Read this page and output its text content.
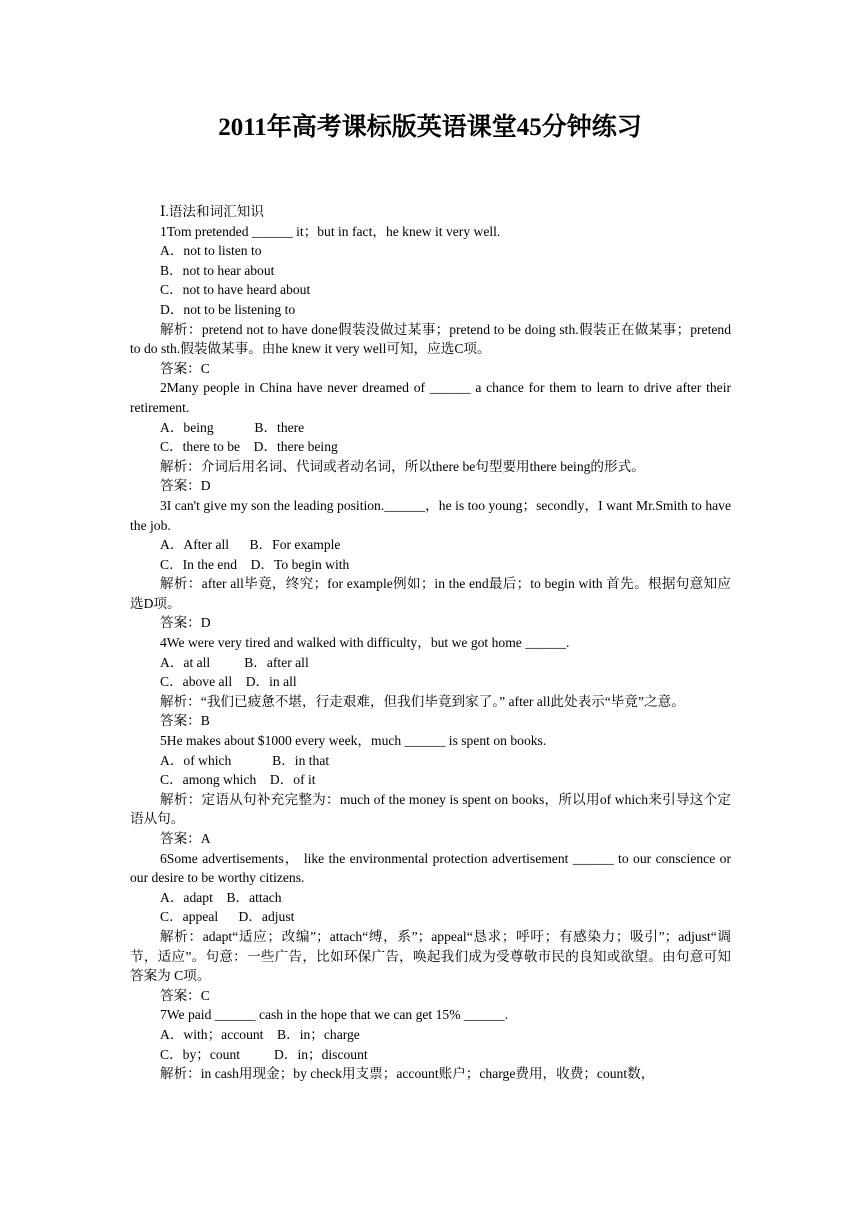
2011年高考课标版英语课堂45分钟练习
Ⅰ.语法和词汇知识
1Tom pretended ______ it；but in fact，he knew it very well.
A．not to listen to
B．not to hear about
C．not to have heard about
D．not to be listening to
解析：pretend not to have done假装没做过某事；pretend to be doing sth.假装正在做某事；pretend to do sth.假装做某事。由he knew it very well可知，应选C项。
答案：C
2Many people in China have never dreamed of ______ a chance for them to learn to drive after their retirement.
A．being            B．there
C．there to be    D．there being
解析：介词后用名词、代词或者动名词，所以there be句型要用there being的形式。
答案：D
3I can't give my son the leading position.______，he is too young；secondly，I want Mr.Smith to have the job.
A．After all      B．For example
C．In the end    D．To begin with
解析：after all毕竟，终究；for example例如；in the end最后；to begin with 首先。根据句意知应选D项。
答案：D
4We were very tired and walked with difficulty，but we got home ______.
A．at all          B．after all
C．above all    D．in all
解析：“我们已疲惫不堪，行走艰难，但我们毕竟到家了。” after all此处表示“毕竟”之意。
答案：B
5He makes about $1000 every week，much ______ is spent on books.
A．of which            B．in that
C．among which    D．of it
解析：定语从句补充完整为：much of the money is spent on books，所以用of which来引导这个定语从句。
答案：A
6Some advertisements， like the environmental protection advertisement ______ to our conscience or our desire to be worthy citizens.
A．adapt    B．attach
C．appeal      D．adjust
解析：adapt“适应；改编”；attach“缚，系”；appeal“恳求；呼吁；有感染力；吸引”；adjust“调节，适应”。句意：一些广告，比如环保广告，唤起我们成为受尊敬市民的良知或欲望。由句意可知答案为 C项。
答案：C
7We paid ______ cash in the hope that we can get 15% ______.
A．with；account    B．in；charge
C．by；count          D．in；discount
解析：in cash用现金；by check用支票；account账户；charge费用，收费；count数，
